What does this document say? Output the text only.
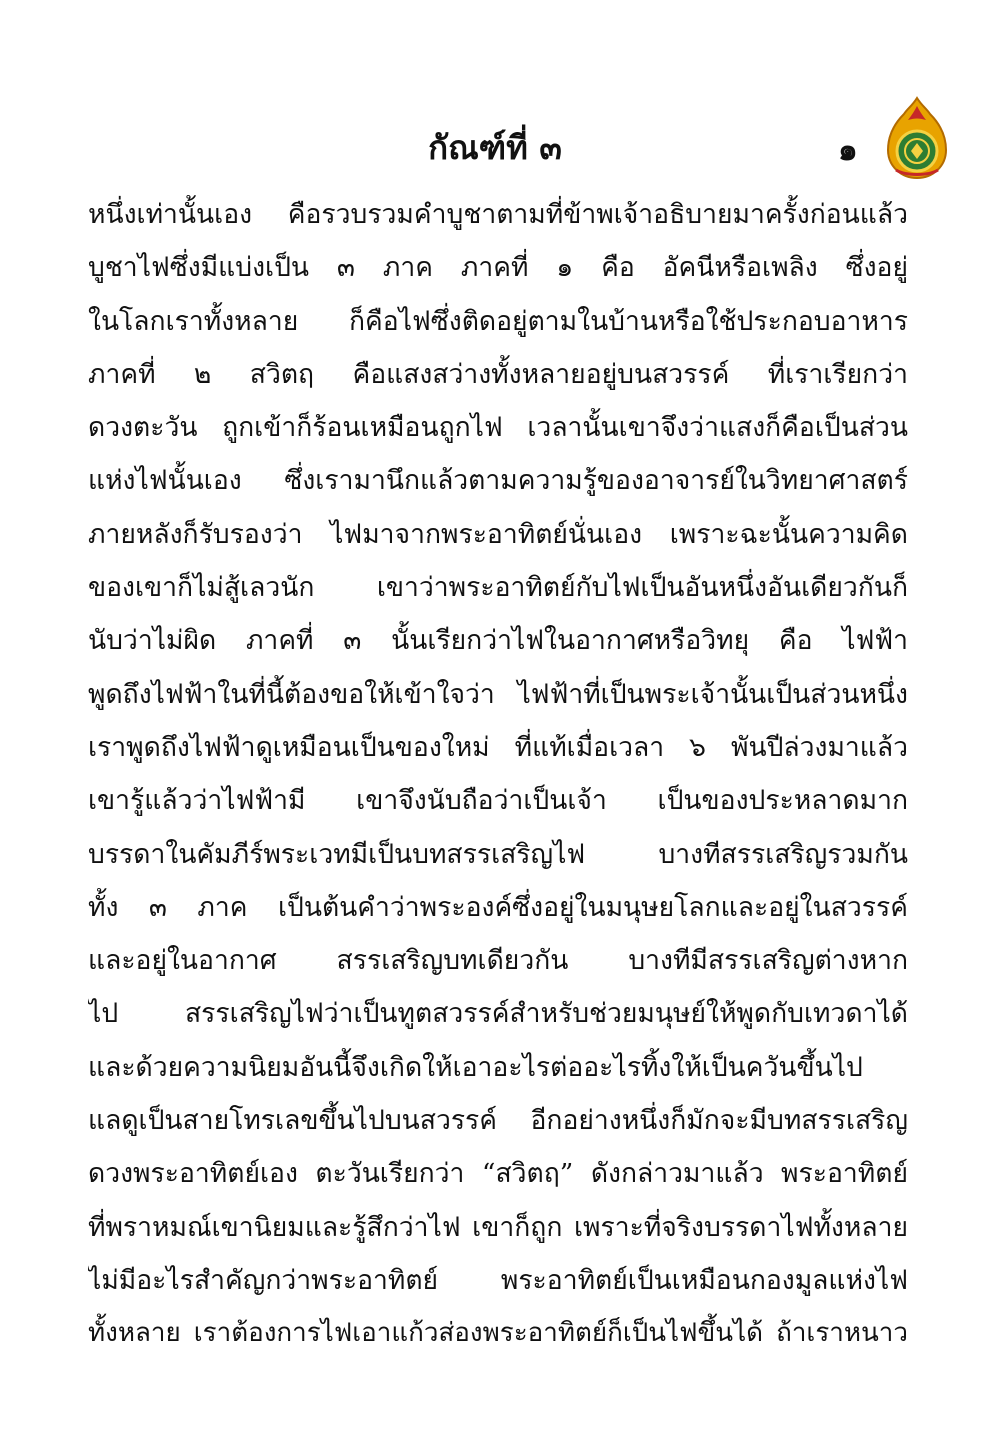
กัณฑ์ที่ ๓	๑
หนึ่งเท่านั้นเอง คือรวบรวมคำบูชาตามที่ข้าพเจ้าอธิบายมาครั้งก่อนแล้ว
บูชาไฟซึ่งมีแบ่งเป็น ๓ ภาค ภาคที่ ๑ คือ อัคนีหรือเพลิง ซึ่งอยู่
ในโลกเราทั้งหลาย ก็คือไฟซึ่งติดอยู่ตามในบ้านหรือใช้ประกอบอาหาร
ภาคที่ ๒ สวิตฤ คือแสงสว่างทั้งหลายอยู่บนสวรรค์ ที่เราเรียกว่า
ดวงตะวัน ถูกเข้าก็ร้อนเหมือนถูกไฟ เวลานั้นเขาจึงว่าแสงก็คือเป็นส่วน
แห่งไฟนั้นเอง ซึ่งเรามานึกแล้วตามความรู้ของอาจารย์ในวิทยาศาสตร์
ภายหลังก็รับรองว่า ไฟมาจากพระอาทิตย์นั่นเอง เพราะฉะนั้นความคิด
ของเขาก็ไม่สู้เลวนัก เขาว่าพระอาทิตย์กับไฟเป็นอันหนึ่งอันเดียวกันก็
นับว่าไม่ผิด ภาคที่ ๓ นั้นเรียกว่าไฟในอากาศหรือวิทยุ คือ ไฟฟ้า
พูดถึงไฟฟ้าในที่นี้ต้องขอให้เข้าใจว่า ไฟฟ้าที่เป็นพระเจ้านั้นเป็นส่วนหนึ่ง
เราพูดถึงไฟฟ้าดูเหมือนเป็นของใหม่ ที่แท้เมื่อเวลา ๖ พันปีล่วงมาแล้ว
เขารู้แล้วว่าไฟฟ้ามี เขาจึงนับถือว่าเป็นเจ้า เป็นของประหลาดมาก
บรรดาในคัมภีร์พระเวทมีเป็นบทสรรเสริญไฟ บางทีสรรเสริญรวมกัน
ทั้ง ๓ ภาค เป็นต้นคำว่าพระองค์ซึ่งอยู่ในมนุษยโลกและอยู่ในสวรรค์
และอยู่ในอากาศ สรรเสริญบทเดียวกัน บางทีมีสรรเสริญต่างหาก
ไป สรรเสริญไฟว่าเป็นทูตสวรรค์สำหรับช่วยมนุษย์ให้พูดกับเทวดาได้
และด้วยความนิยมอันนี้จึงเกิดให้เอาอะไรต่ออะไรทิ้งให้เป็นควันขึ้นไป
แลดูเป็นสายโทรเลขขึ้นไปบนสวรรค์ อีกอย่างหนึ่งก็มักจะมีบทสรรเสริญ
ดวงพระอาทิตย์เอง ตะวันเรียกว่า “สวิตฤ” ดังกล่าวมาแล้ว พระอาทิตย์
ที่พราหมณ์เขานิยมและรู้สึกว่าไฟ เขาก็ถูก เพราะที่จริงบรรดาไฟทั้งหลาย
ไม่มีอะไรสำคัญกว่าพระอาทิตย์ พระอาทิตย์เป็นเหมือนกองมูลแห่งไฟ
ทั้งหลาย เราต้องการไฟเอาแก้วส่องพระอาทิตย์ก็เป็นไฟขึ้นได้ ถ้าเราหนาว
